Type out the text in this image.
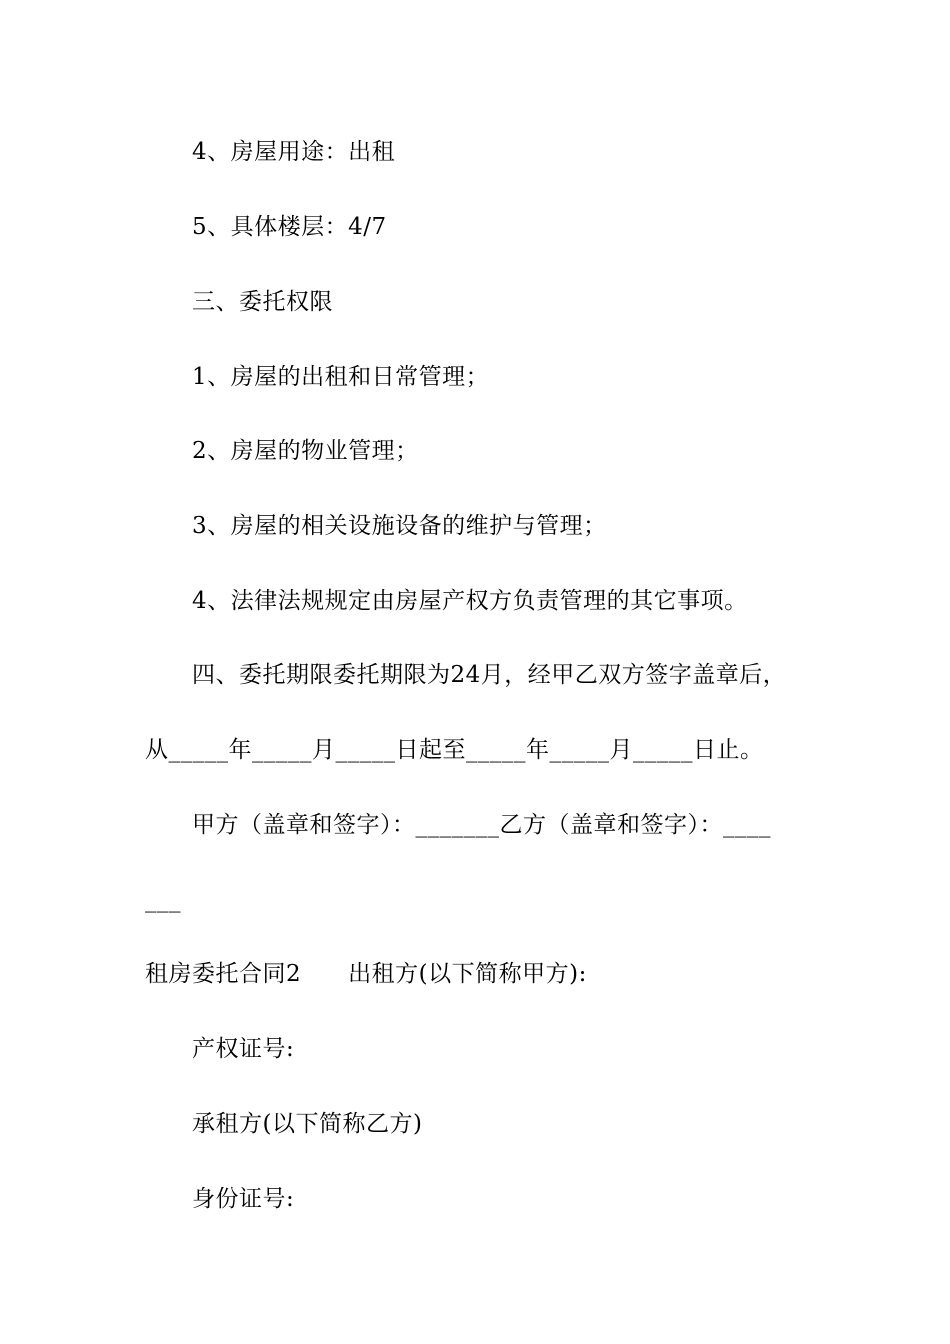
4、房屋用途：出租
5、具体楼层：4/7
三、委托权限
1、房屋的出租和日常管理；
2、房屋的物业管理；
3、房屋的相关设施设备的维护与管理；
4、法律法规规定由房屋产权方负责管理的其它事项。
四、委托期限委托期限为24月，经甲乙双方签字盖章后，
从_____年_____月_____日起至_____年_____月_____日止。
甲方（盖章和签字）：_______乙方（盖章和签字）：____
___
租房委托合同2　　出租方(以下简称甲方):
产权证号:
承租方(以下简称乙方)
身份证号:
